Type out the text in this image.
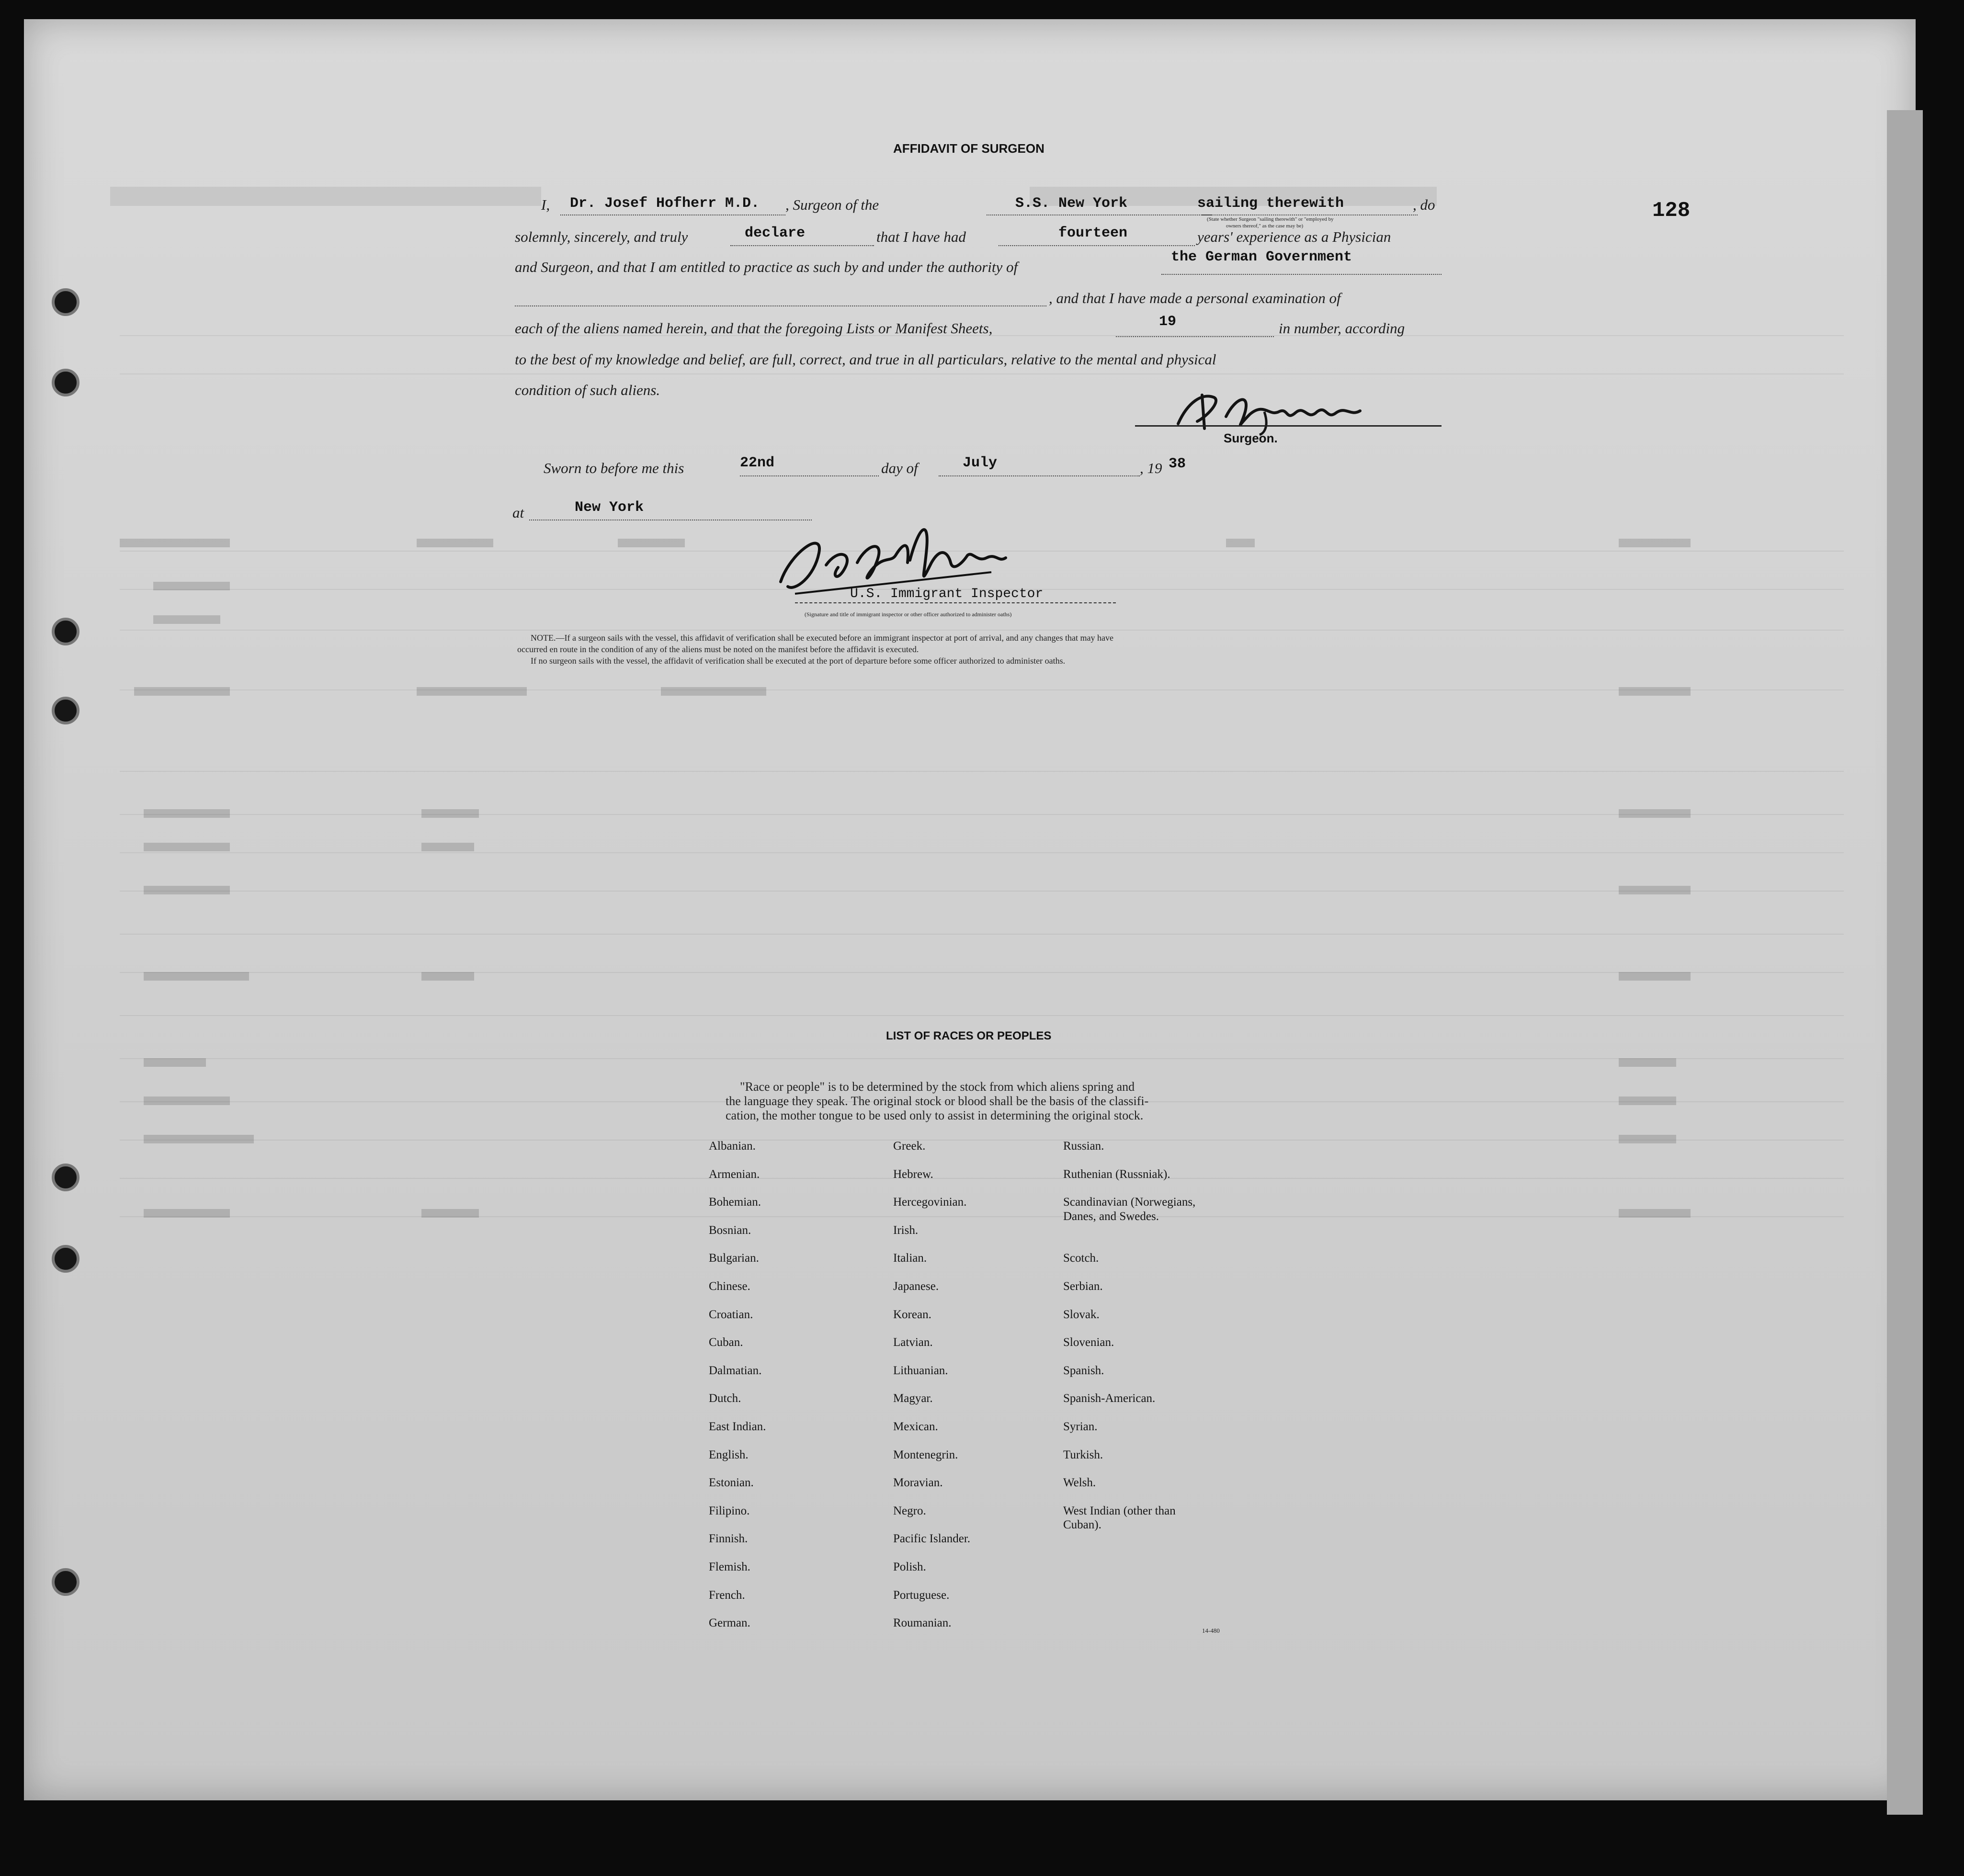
128
AFFIDAVIT OF SURGEON
I, Dr. Josef Hofherr M.D. , Surgeon of the	S.S. New York	sailing therewith	, do
(State whether Surgeon "sailing therewith" or "employed by
owners thereof," as the case may be)
solemnly, sincerely, and truly	declare	that I have had	fourteen	years' experience as a Physician
and Surgeon, and that I am entitled to practice as such by and under the authority of
the German Government
, and that I have made a personal examination of
each of the aliens named herein, and that the foregoing Lists or Manifest Sheets,	19	in number, according
to the best of my knowledge and belief, are full, correct, and true in all particulars, relative to the mental and physical
condition of such aliens.
Surgeon.
Sworn to before me this	22nd	day of	July	, 19 38
at	New York
U.S. Immigrant Inspector
(Signature and title of immigrant inspector or other officer authorized to administer oaths)
NOTE.—If a surgeon sails with the vessel, this affidavit of verification shall be executed before an immigrant inspector at port of arrival, and any changes that may have
occurred en route in the condition of any of the aliens must be noted on the manifest before the affidavit is executed.
If no surgeon sails with the vessel, the affidavit of verification shall be executed at the port of departure before some officer authorized to administer oaths.
LIST OF RACES OR PEOPLES
"Race or people" is to be determined by the stock from which aliens spring and
the language they speak. The original stock or blood shall be the basis of the classifi-
cation, the mother tongue to be used only to assist in determining the original stock.
Albanian.
Armenian.
Bohemian.
Bosnian.
Bulgarian.
Chinese.
Croatian.
Cuban.
Dalmatian.
Dutch.
East Indian.
English.
Estonian.
Filipino.
Finnish.
Flemish.
French.
German.
Greek.
Hebrew.
Hercegovinian.
Irish.
Italian.
Japanese.
Korean.
Latvian.
Lithuanian.
Magyar.
Mexican.
Montenegrin.
Moravian.
Negro.
Pacific Islander.
Polish.
Portuguese.
Roumanian.
Russian.
Ruthenian (Russniak).
Scandinavian (Norwegians,
Danes, and Swedes.
Scotch.
Serbian.
Slovak.
Slovenian.
Spanish.
Spanish-American.
Syrian.
Turkish.
Welsh.
West Indian (other than
Cuban).
14-480
